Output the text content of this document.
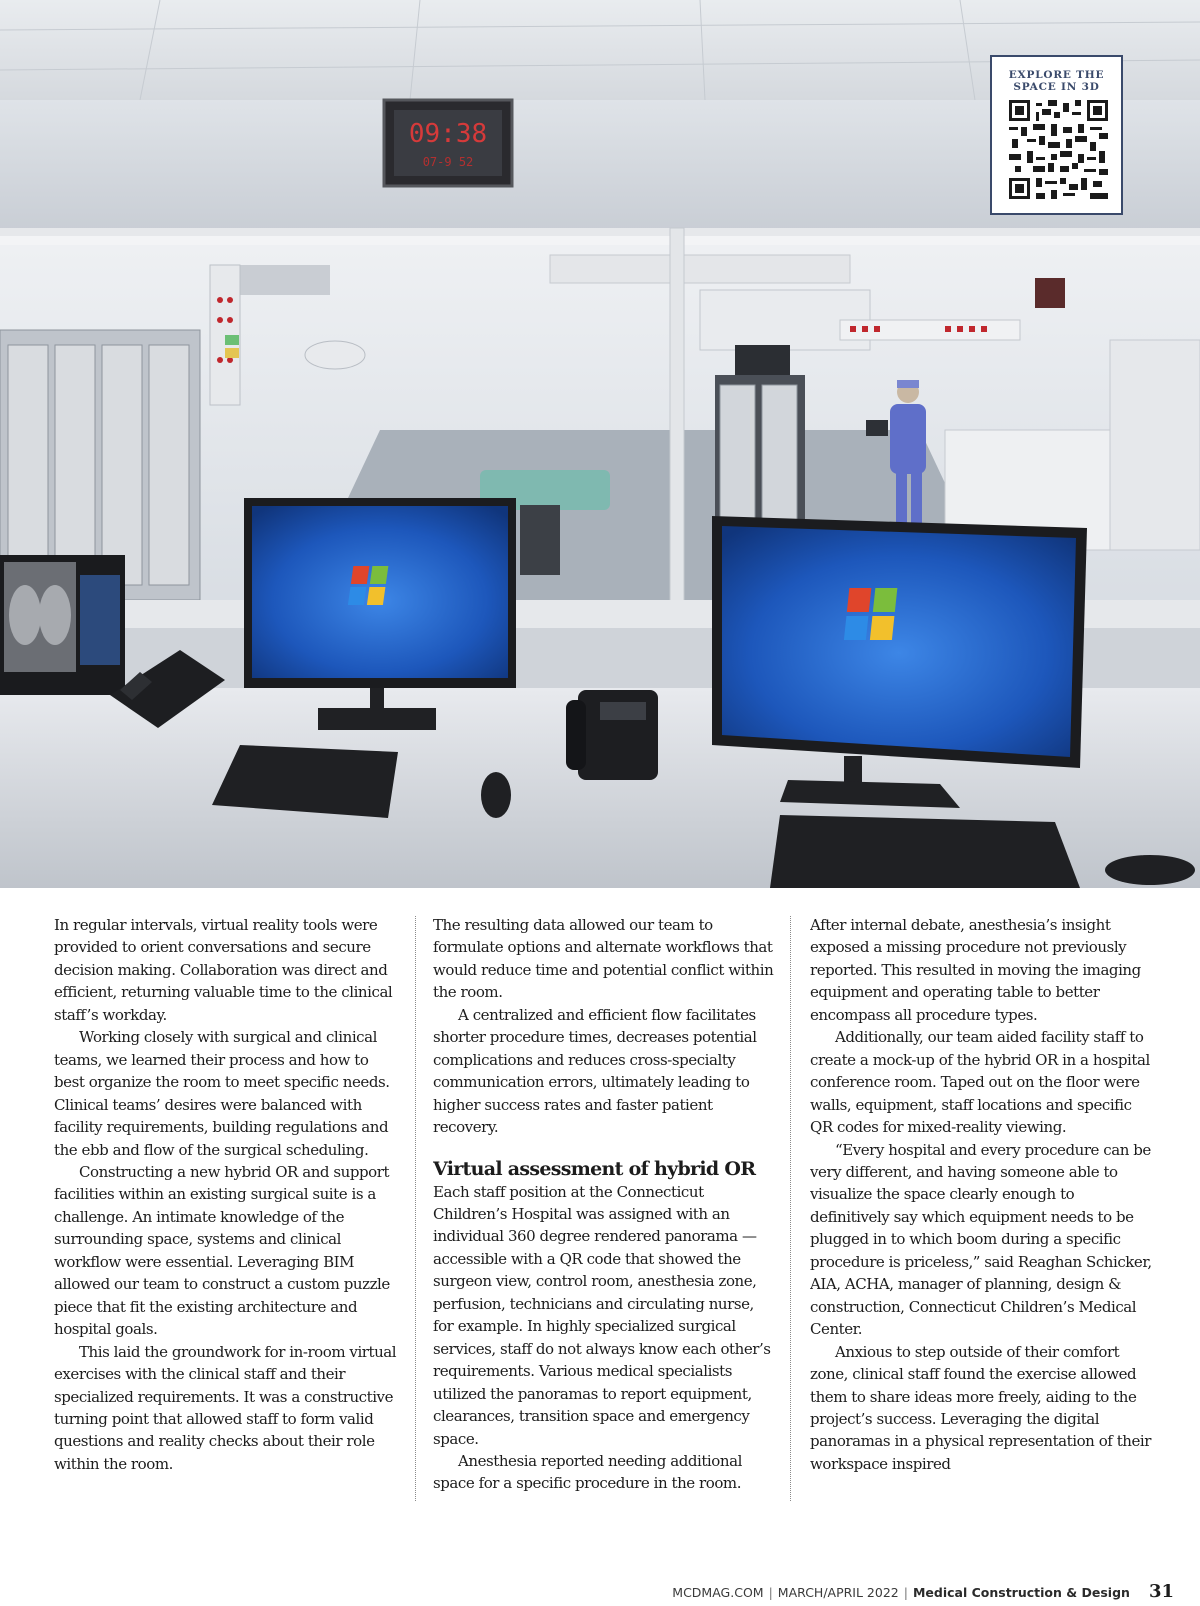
09:38
07-9 52
EXPLORE THE
SPACE IN 3D

In regular intervals, virtual reality tools were provided to orient conversations and secure decision making. Collaboration was direct and efficient, returning valuable time to the clinical staff’s workday.

Working closely with surgical and clinical teams, we learned their process and how to best organize the room to meet specific needs. Clinical teams’ desires were balanced with facility requirements, building regulations and the ebb and flow of the surgical scheduling.

Constructing a new hybrid OR and support facilities within an existing surgical suite is a challenge. An intimate knowledge of the surrounding space, systems and clinical workflow were essential. Leveraging BIM allowed our team to construct a custom puzzle piece that fit the existing architecture and hospital goals.

This laid the groundwork for in-room virtual exercises with the clinical staff and their specialized requirements. It was a constructive turning point that allowed staff to form valid questions and reality checks about their role within the room.

The resulting data allowed our team to formulate options and alternate workflows that would reduce time and potential conflict within the room.

A centralized and efficient flow facilitates shorter procedure times, decreases potential complications and reduces cross-specialty communication errors, ultimately leading to higher success rates and faster patient recovery.

Virtual assessment of hybrid OR

Each staff position at the Connecticut Children’s Hospital was assigned with an individual 360 degree rendered panorama — accessible with a QR code that showed the surgeon view, control room, anesthesia zone, perfusion, technicians and circulating nurse, for example. In highly specialized surgical services, staff do not always know each other’s requirements. Various medical specialists utilized the panoramas to report equipment, clearances, transition space and emergency space.

Anesthesia reported needing additional space for a specific procedure in the room.

After internal debate, anesthesia’s insight exposed a missing procedure not previously reported. This resulted in moving the imaging equipment and operating table to better encompass all procedure types.

Additionally, our team aided facility staff to create a mock-up of the hybrid OR in a hospital conference room. Taped out on the floor were walls, equipment, staff locations and specific QR codes for mixed-reality viewing.

“Every hospital and every procedure can be very different, and having someone able to visualize the space clearly enough to definitively say which equipment needs to be plugged in to which boom during a specific procedure is priceless,” said Reaghan Schicker, AIA, ACHA, manager of planning, design & construction, Connecticut Children’s Medical Center.

Anxious to step outside of their comfort zone, clinical staff found the exercise allowed them to share ideas more freely, aiding to the project’s success. Leveraging the digital panoramas in a physical representation of their workspace inspired

MCDMAG.COM | MARCH/APRIL 2022 | Medical Construction & Design 31
